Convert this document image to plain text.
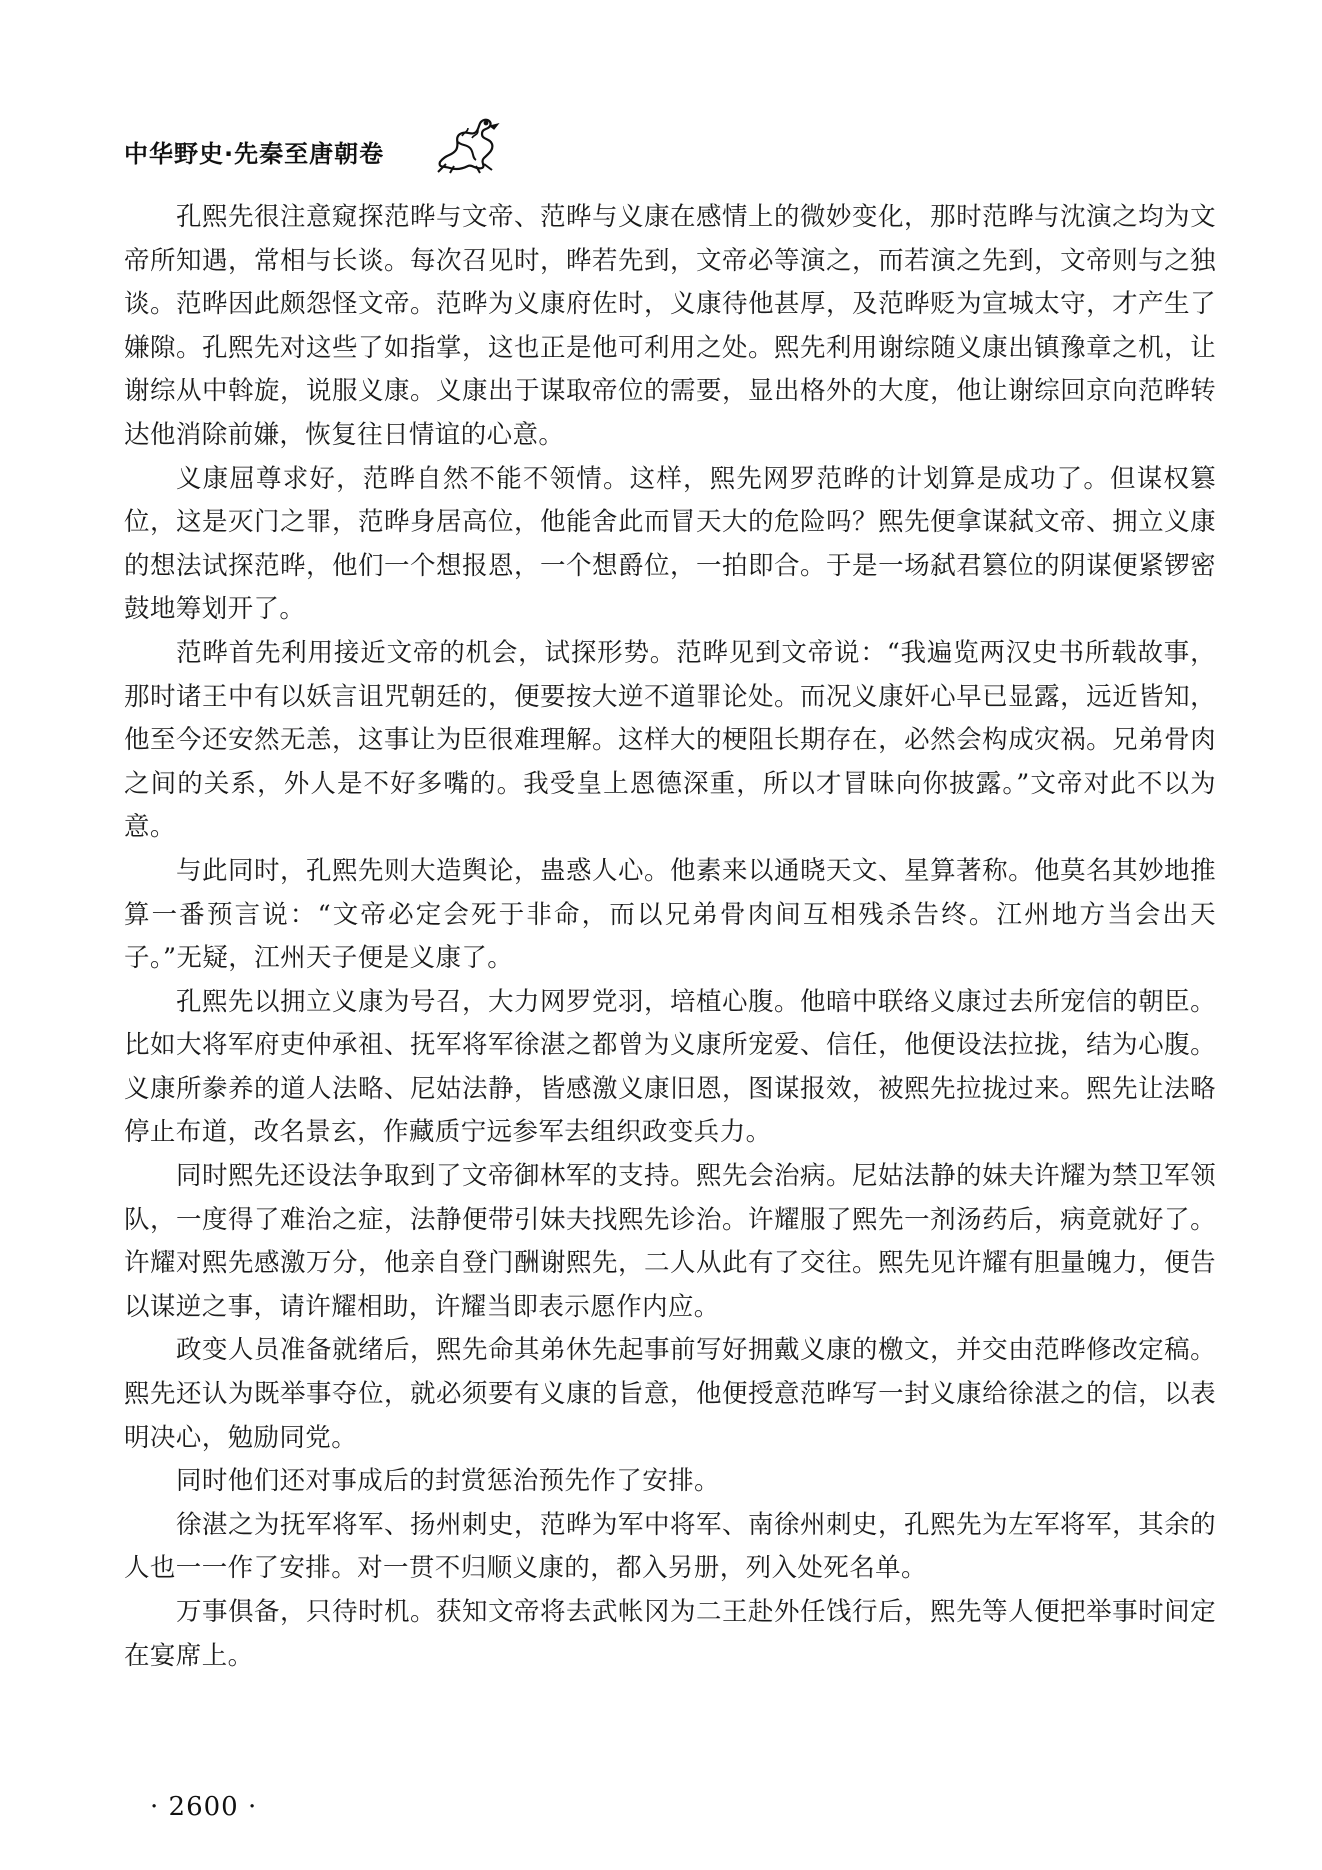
中华野史·先秦至唐朝卷

孔熙先很注意窥探范晔与文帝、范晔与义康在感情上的微妙变化，那时范晔与沈演之均为文帝所知遇，常相与长谈。每次召见时，晔若先到，文帝必等演之，而若演之先到，文帝则与之独谈。范晔因此颇怨怪文帝。范晔为义康府佐时，义康待他甚厚，及范晔贬为宣城太守，才产生了嫌隙。孔熙先对这些了如指掌，这也正是他可利用之处。熙先利用谢综随义康出镇豫章之机，让谢综从中斡旋，说服义康。义康出于谋取帝位的需要，显出格外的大度，他让谢综回京向范晔转达他消除前嫌，恢复往日情谊的心意。

义康屈尊求好，范晔自然不能不领情。这样，熙先网罗范晔的计划算是成功了。但谋权篡位，这是灭门之罪，范晔身居高位，他能舍此而冒天大的危险吗？熙先便拿谋弑文帝、拥立义康的想法试探范晔，他们一个想报恩，一个想爵位，一拍即合。于是一场弑君篡位的阴谋便紧锣密鼓地筹划开了。

范晔首先利用接近文帝的机会，试探形势。范晔见到文帝说：“我遍览两汉史书所载故事，那时诸王中有以妖言诅咒朝廷的，便要按大逆不道罪论处。而况义康奸心早已显露，远近皆知，他至今还安然无恙，这事让为臣很难理解。这样大的梗阻长期存在，必然会构成灾祸。兄弟骨肉之间的关系，外人是不好多嘴的。我受皇上恩德深重，所以才冒昧向你披露。”文帝对此不以为意。

与此同时，孔熙先则大造舆论，蛊惑人心。他素来以通晓天文、星算著称。他莫名其妙地推算一番预言说：“文帝必定会死于非命，而以兄弟骨肉间互相残杀告终。江州地方当会出天子。”无疑，江州天子便是义康了。

孔熙先以拥立义康为号召，大力网罗党羽，培植心腹。他暗中联络义康过去所宠信的朝臣。比如大将军府吏仲承祖、抚军将军徐湛之都曾为义康所宠爱、信任，他便设法拉拢，结为心腹。义康所豢养的道人法略、尼姑法静，皆感激义康旧恩，图谋报效，被熙先拉拢过来。熙先让法略停止布道，改名景玄，作藏质宁远参军去组织政变兵力。

同时熙先还设法争取到了文帝御林军的支持。熙先会治病。尼姑法静的妹夫许耀为禁卫军领队，一度得了难治之症，法静便带引妹夫找熙先诊治。许耀服了熙先一剂汤药后，病竟就好了。许耀对熙先感激万分，他亲自登门酬谢熙先，二人从此有了交往。熙先见许耀有胆量魄力，便告以谋逆之事，请许耀相助，许耀当即表示愿作内应。

政变人员准备就绪后，熙先命其弟休先起事前写好拥戴义康的檄文，并交由范晔修改定稿。熙先还认为既举事夺位，就必须要有义康的旨意，他便授意范晔写一封义康给徐湛之的信，以表明决心，勉励同党。

同时他们还对事成后的封赏惩治预先作了安排。

徐湛之为抚军将军、扬州刺史，范晔为军中将军、南徐州刺史，孔熙先为左军将军，其余的人也一一作了安排。对一贯不归顺义康的，都入另册，列入处死名单。

万事俱备，只待时机。获知文帝将去武帐冈为二王赴外任饯行后，熙先等人便把举事时间定在宴席上。

· 2600 ·
